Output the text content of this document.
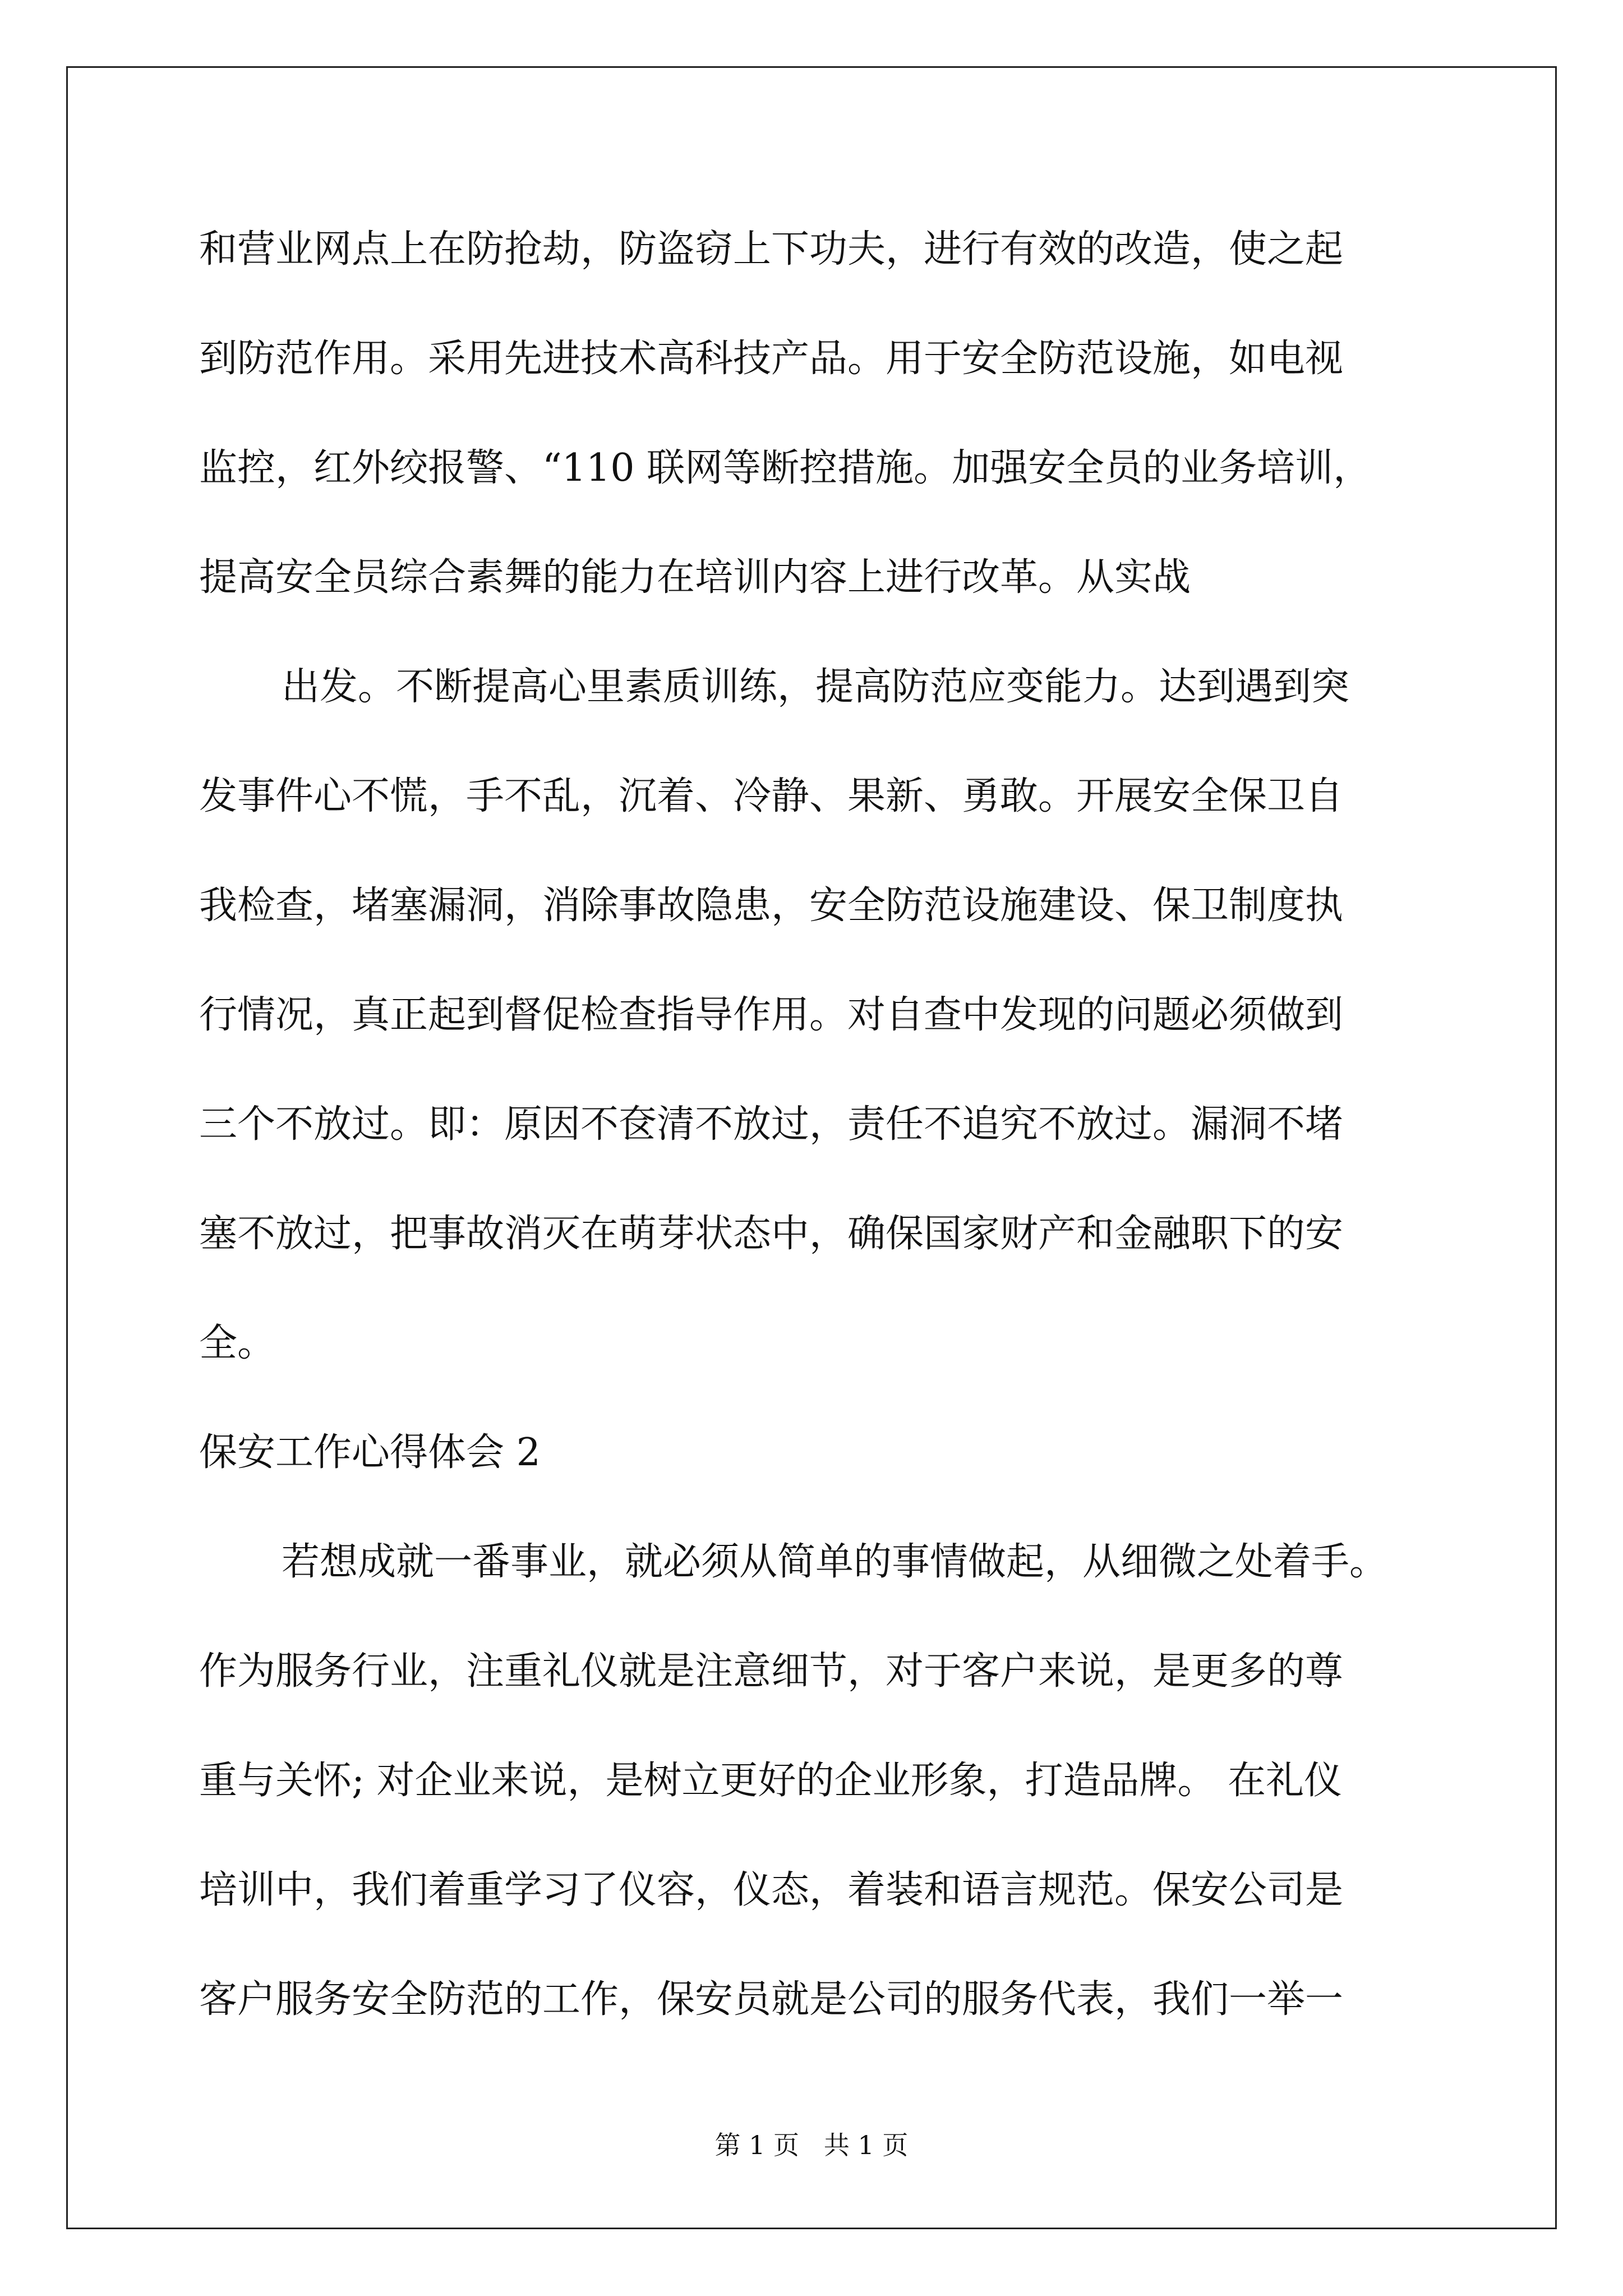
和营业网点上在防抢劫，防盗窃上下功夫，进行有效的改造，使之起
到防范作用。采用先进技术高科技产品。用于安全防范设施，如电视
监控，红外绞报警、“110 联网等断控措施。加强安全员的业务培训，
提高安全员综合素舞的能力在培训内容上进行改革。从实战
出发。不断提高心里素质训练，提高防范应变能力。达到遇到突
发事件心不慌，手不乱，沉着、冷静、果新、勇敢。开展安全保卫自
我检查，堵塞漏洞，消除事故隐患，安全防范设施建设、保卫制度执
行情况，真正起到督促检查指导作用。对自查中发现的问题必须做到
三个不放过。即：原因不奁清不放过，责任不追究不放过。漏洞不堵
塞不放过，把事故消灭在萌芽状态中，确保国家财产和金融职下的安
全。
保安工作心得体会 2
若想成就一番事业，就必须从简单的事情做起，从细微之处着手。
作为服务行业，注重礼仪就是注意细节，对于客户来说，是更多的尊
重与关怀; 对企业来说，是树立更好的企业形象，打造品牌。 在礼仪
培训中，我们着重学习了仪容，仪态，着装和语言规范。保安公司是
客户服务安全防范的工作，保安员就是公司的服务代表，我们一举一
第 1 页   共 1 页
